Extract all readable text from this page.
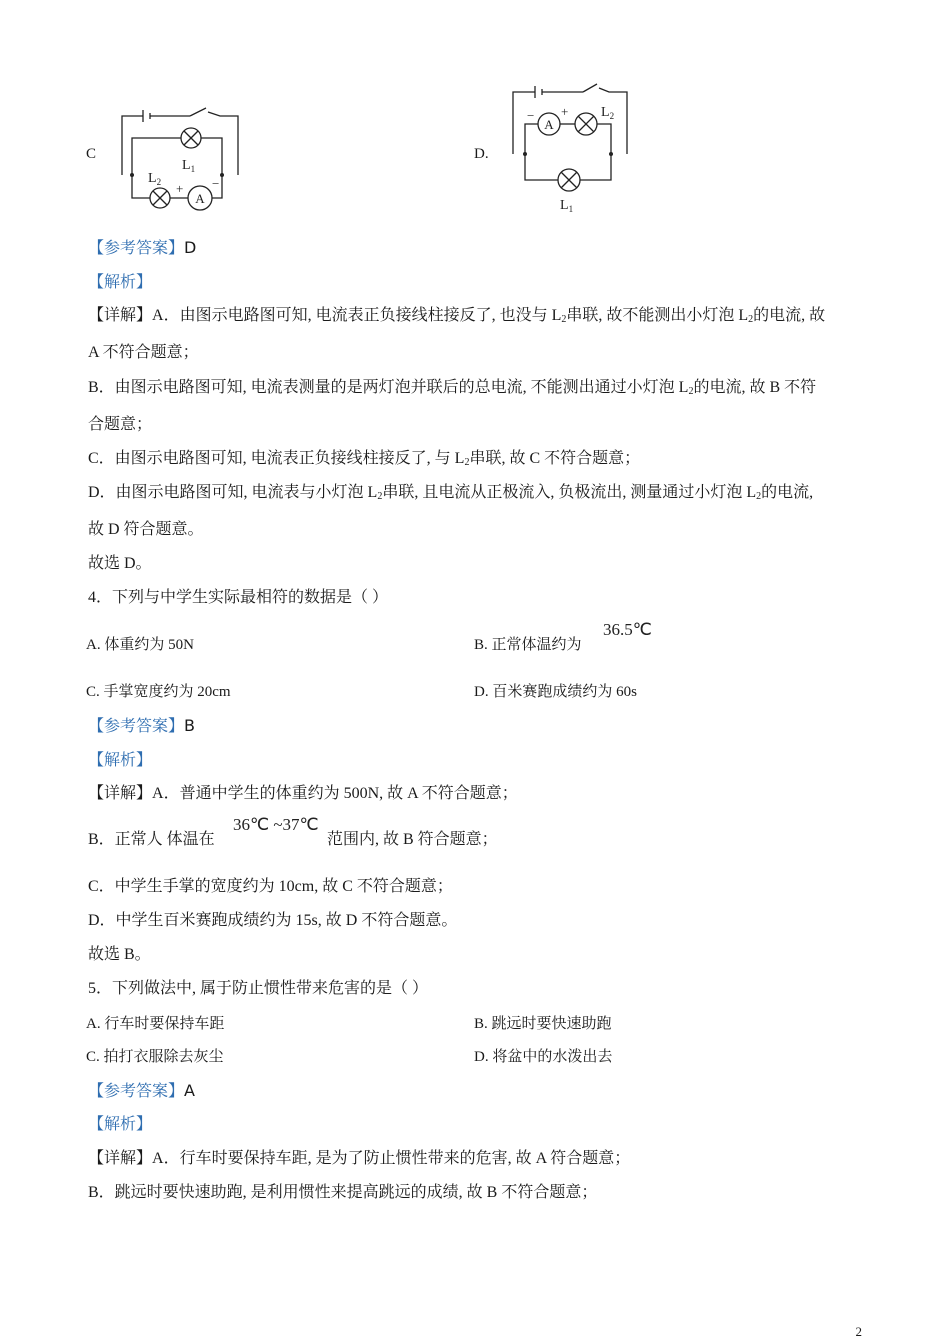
C
A
$L_1$
$L_2$ + −
D.
A
− + $L_2$
$L_1$
【参考答案】D
【解析】
【详解】A．由图示电路图可知, 电流表正负接线柱接反了, 也没与 $L_2$串联, 故不能测出小灯泡 $L_2$的电流, 故
A 不符合题意；
B．由图示电路图可知, 电流表测量的是两灯泡并联后的总电流, 不能测出通过小灯泡 $L_2$的电流, 故 B 不符
合题意；
C．由图示电路图可知, 电流表正负接线柱接反了, 与 $L_2$串联, 故 C 不符合题意；
D．由图示电路图可知, 电流表与小灯泡 $L_2$串联, 且电流从正极流入, 负极流出, 测量通过小灯泡 $L_2$的电流,
故 D 符合题意。
故选 D。
4．下列与中学生实际最相符的数据是（ ）
A. 体重约为 50N	B. 正常体温约为
36.5℃
C. 手掌宽度约为 20cm	D. 百米赛跑成绩约为 60s
【参考答案】B
【解析】
【详解】A．普通中学生的体重约为 500N, 故 A 不符合题意；
B．正常人 体温在
36℃ ~37℃
范围内, 故 B 符合题意；
C．中学生手掌的宽度约为 10cm, 故 C 不符合题意；
D．中学生百米赛跑成绩约为 15s, 故 D 不符合题意。
故选 B。
5．下列做法中, 属于防止惯性带来危害的是（ ）
A. 行车时要保持车距	B. 跳远时要快速助跑
C. 拍打衣服除去灰尘	D. 将盆中的水泼出去
【参考答案】A
【解析】
【详解】A．行车时要保持车距, 是为了防止惯性带来的危害, 故 A 符合题意；
B．跳远时要快速助跑, 是利用惯性来提高跳远的成绩, 故 B 不符合题意；
2
